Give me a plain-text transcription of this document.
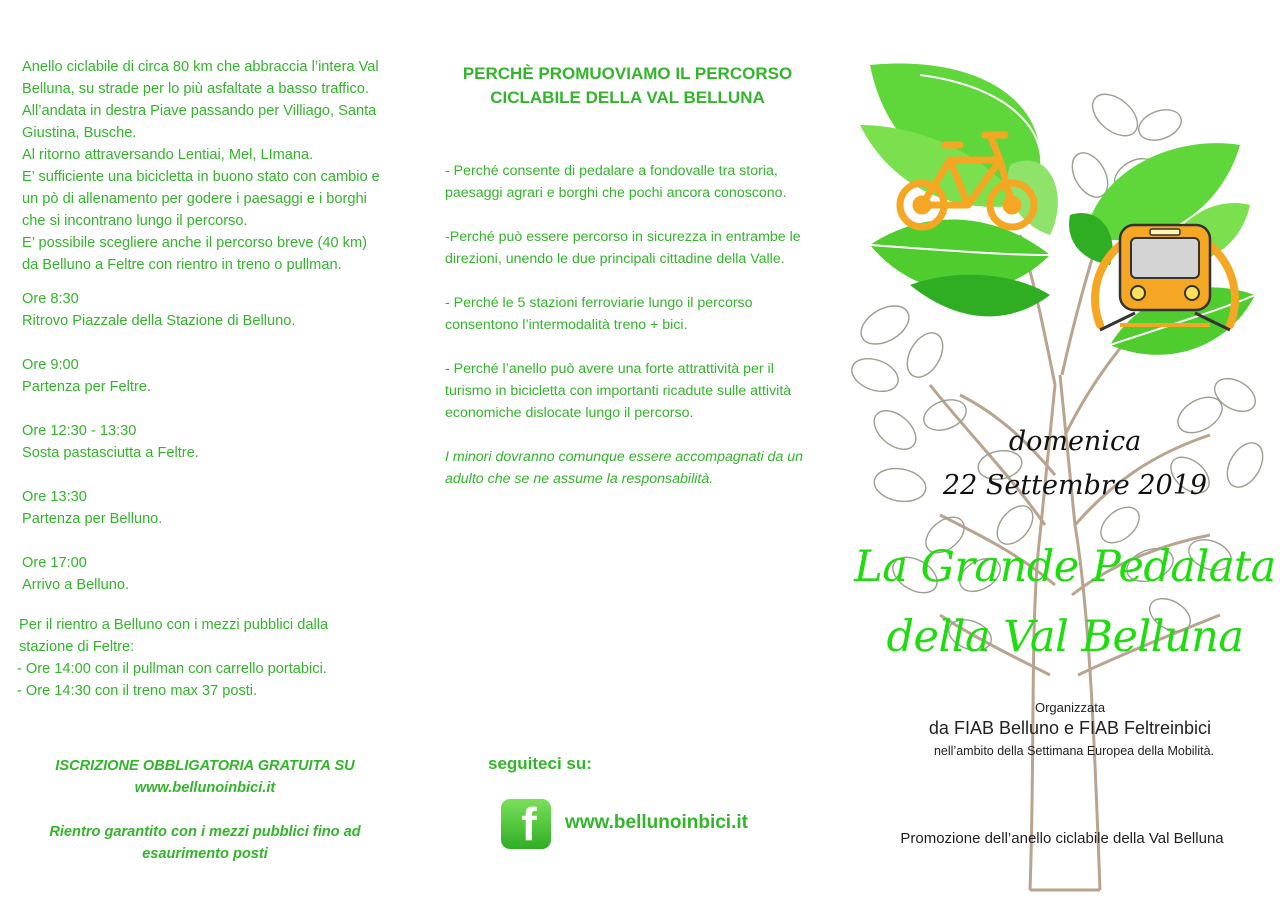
Anello ciclabile di circa 80 km che abbraccia l’intera Val Belluna, su strade per lo più asfaltate a basso traffico.

All’andata in destra Piave passando per Villiago, Santa Giustina, Busche.

Al ritorno attraversando Lentiai, Mel, LImana.

E’ sufficiente una bicicletta in buono stato con cambio e un pò di allenamento per godere i paesaggi e i borghi che si incontrano lungo il percorso.

E’ possibile scegliere anche il percorso breve (40 km) da Belluno a Feltre con rientro in treno o pullman.

Ore 8:30

Ritrovo Piazzale della Stazione di Belluno.

Ore 9:00

Partenza per Feltre.

Ore 12:30 - 13:30

Sosta pastasciutta a Feltre.

Ore 13:30

Partenza per Belluno.

Ore 17:00

Arrivo a Belluno.

Per il rientro a Belluno con i mezzi pubblici dalla stazione di Feltre:

- Ore 14:00 con il pullman con carrello portabici.

- Ore 14:30 con il treno max 37 posti.

ISCRIZIONE OBBLIGATORIA GRATUITA SU

www.bellunoinbici.it

Rientro garantito con i mezzi pubblici fino ad esaurimento posti

PERCHÈ PROMUOVIAMO IL PERCORSO CICLABILE DELLA VAL BELLUNA

- Perché consente di pedalare a fondovalle tra storia, paesaggi agrari e borghi che pochi ancora conoscono.

-Perché può essere percorso in sicurezza in entrambe le direzioni, unendo le due principali cittadine della Valle.

- Perché le 5 stazioni ferroviarie lungo il percorso consentono l’intermodalità treno + bici.

- Perché l’anello può avere una forte attrattività per il turismo in bicicletta con importanti ricadute sulle attività economiche dislocate lungo il percorso.

I minori dovranno comunque essere accompagnati da un adulto che se ne assume la responsabilità.

seguiteci su:
f www.bellunoinbici.it
domenica
22 Settembre 2019
La Grande Pedalata
della Val Belluna
Organizzata
da FIAB Belluno e FIAB Feltreinbici
nell’ambito della Settimana Europea della Mobilità.
Promozione dell’anello ciclabile della Val Belluna
